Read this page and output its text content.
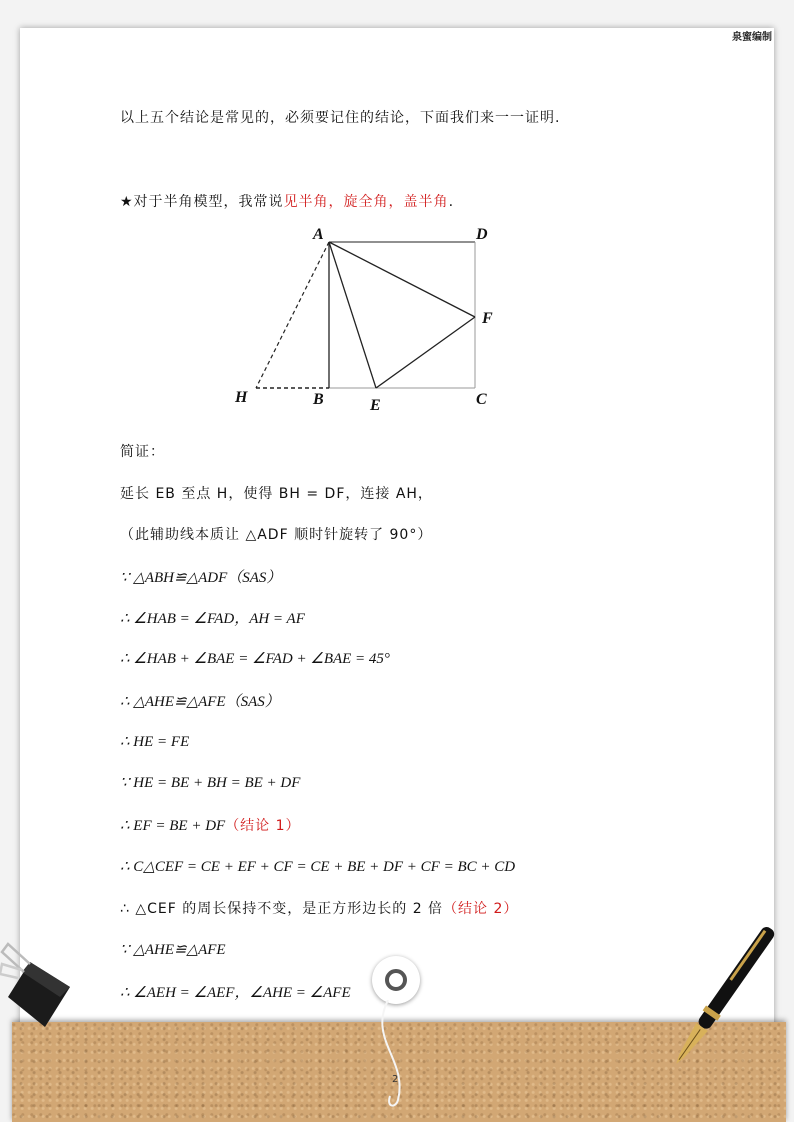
泉蜜编制
以上五个结论是常见的，必须要记住的结论，下面我们来一一证明.
★对于半角模型，我常说见半角，旋全角，盖半角.
A	D
F
H	B	E	C
简证：
延长 EB 至点 H，使得 BH = DF，连接 AH，
（此辅助线本质让 △ADF 顺时针旋转了 90°）
∵ △ABH≌△ADF（SAS）
∴ ∠HAB = ∠FAD，AH = AF
∴ ∠HAB + ∠BAE = ∠FAD + ∠BAE = 45°
∴ △AHE≌△AFE（SAS）
∴ HE = FE
∵ HE = BE + BH = BE + DF
∴ EF = BE + DF（结论 1）
∴ C△CEF = CE + EF + CF = CE + BE + DF + CF = BC + CD
∴ △CEF 的周长保持不变，是正方形边长的 2 倍（结论 2）
∵ △AHE≌△AFE
∴ ∠AEH = ∠AEF，∠AHE = ∠AFE
2
